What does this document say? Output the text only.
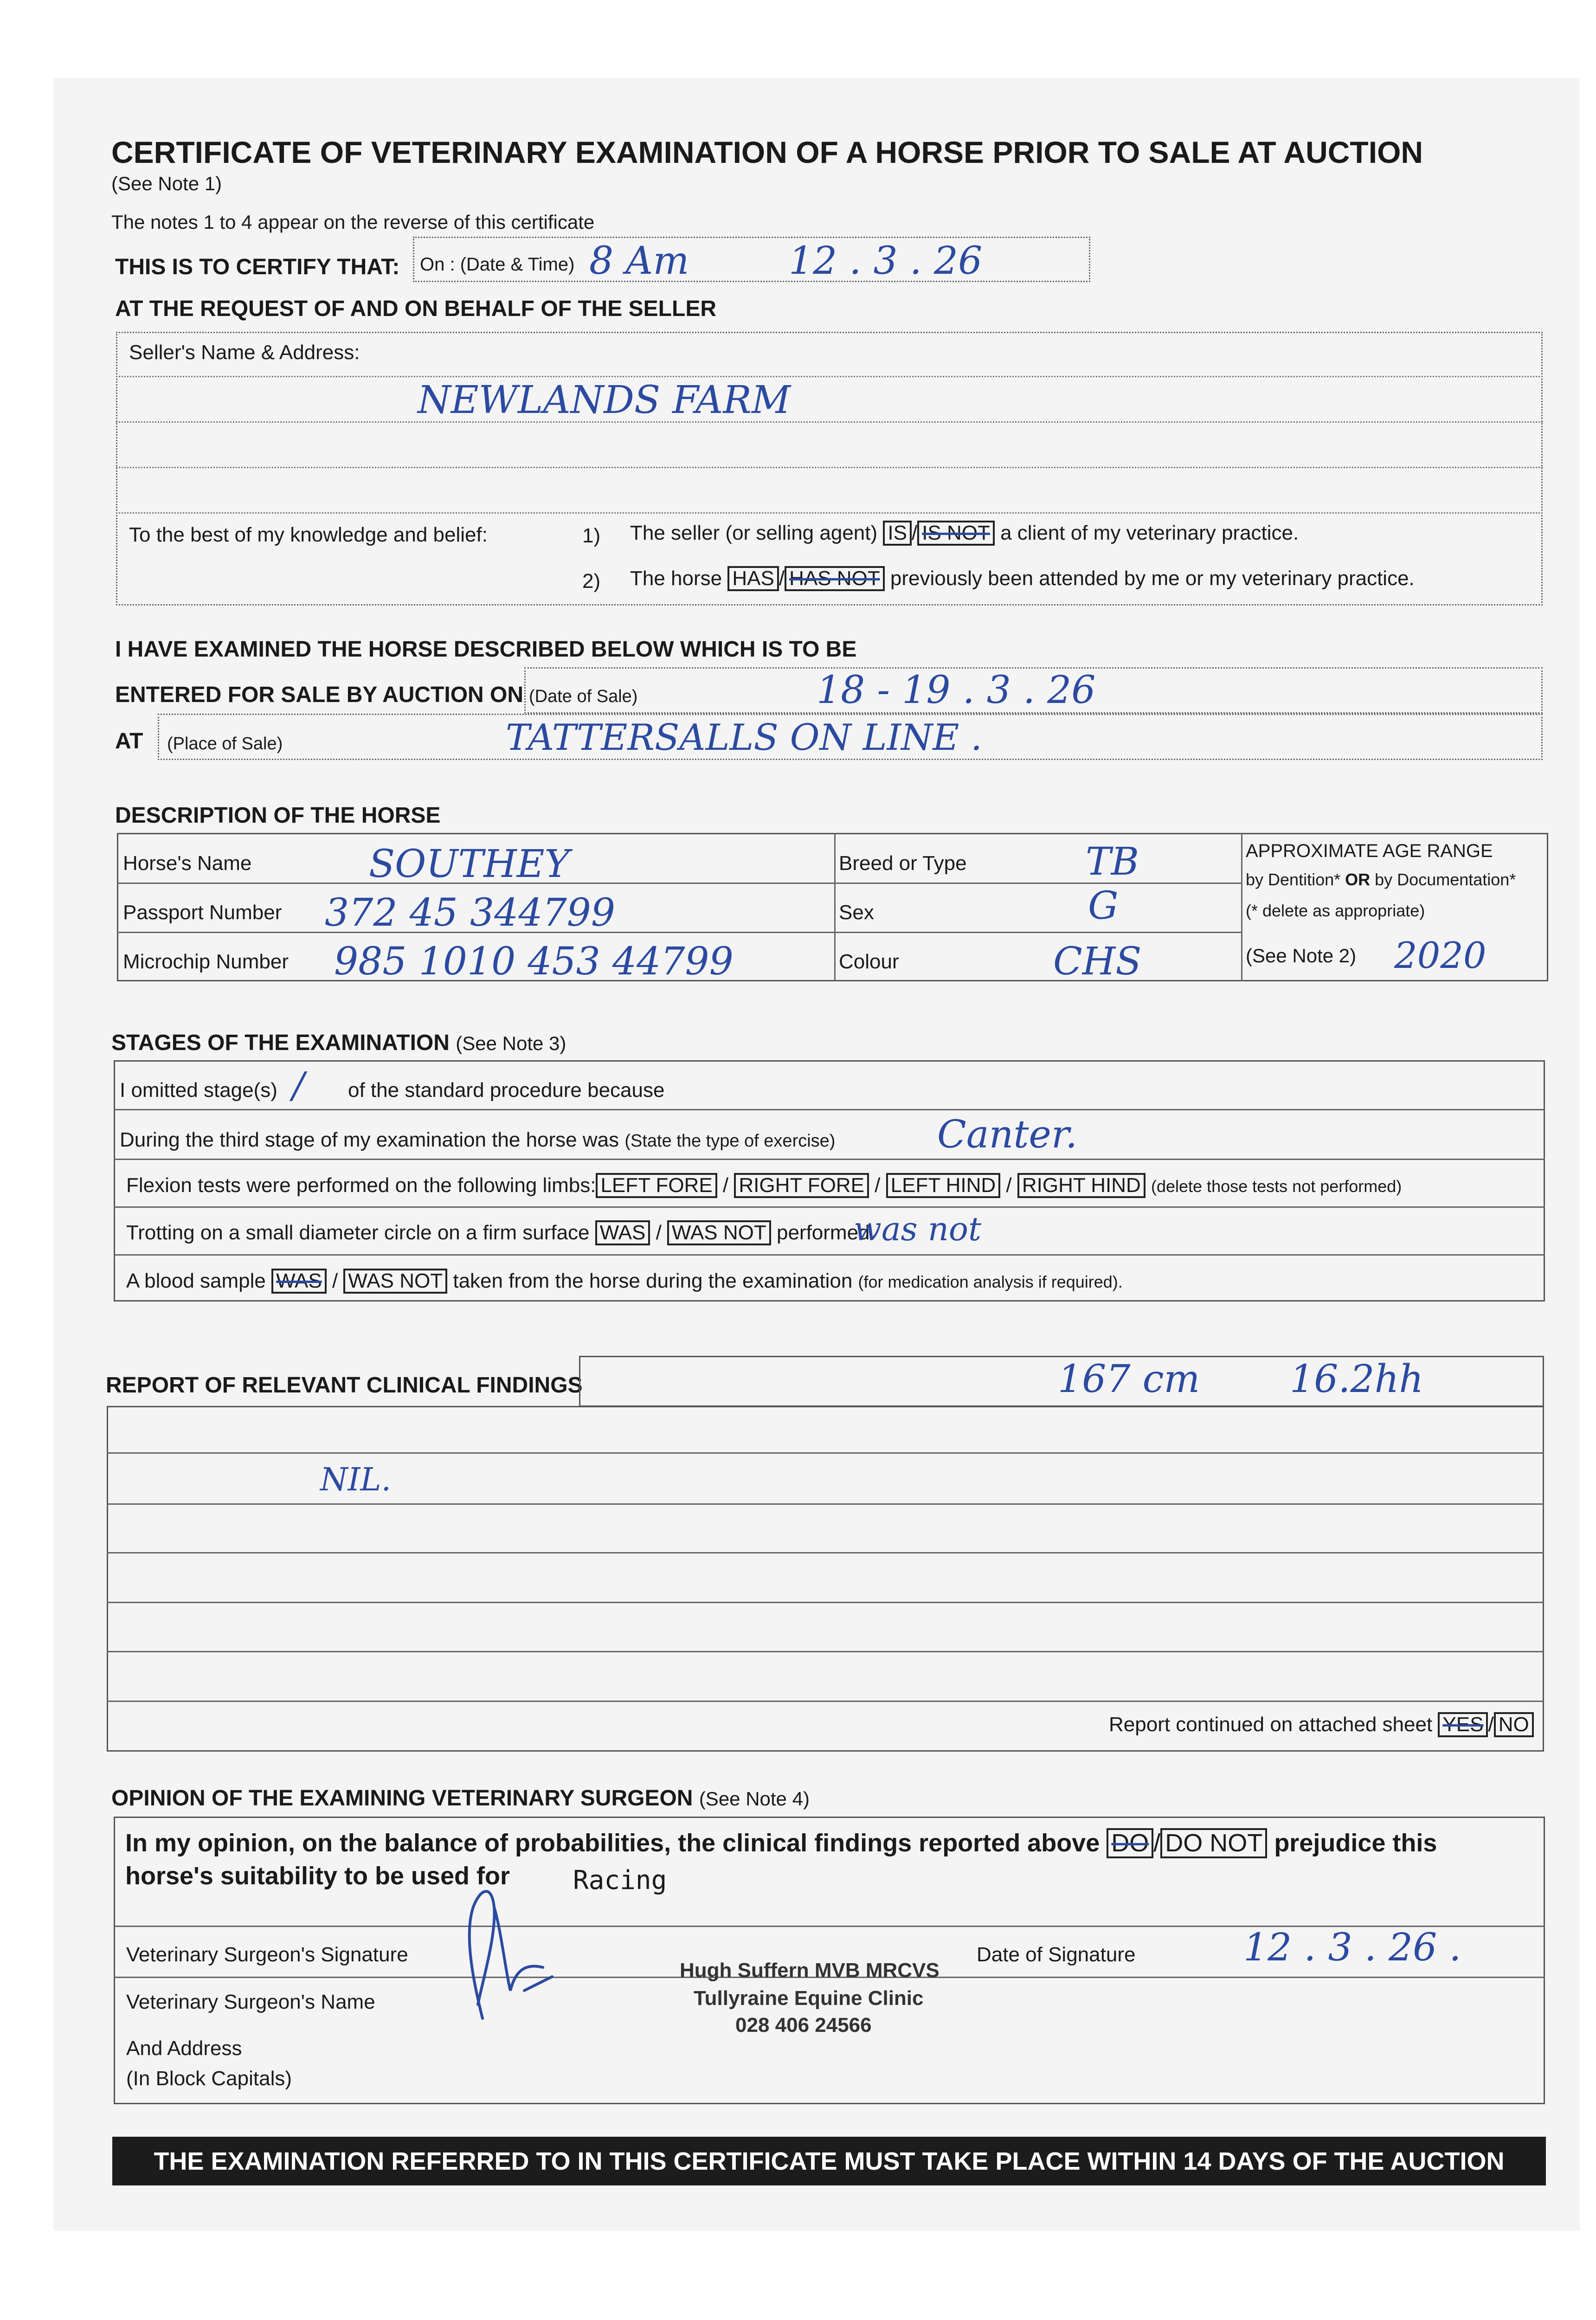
CERTIFICATE OF VETERINARY EXAMINATION OF A HORSE PRIOR TO SALE AT AUCTION
(See Note 1)
The notes 1 to 4 appear on the reverse of this certificate
THIS IS TO CERTIFY THAT: On : (Date & Time) 8 Am	12 . 3 . 26
AT THE REQUEST OF AND ON BEHALF OF THE SELLER
Seller's Name & Address:
NEWLANDS FARM
To the best of my knowledge and belief:	1) The seller (or selling agent) IS / IS NOT a client of my veterinary practice.
2) The horse HAS / HAS NOT previously been attended by me or my veterinary practice.
I HAVE EXAMINED THE HORSE DESCRIBED BELOW WHICH IS TO BE
ENTERED FOR SALE BY AUCTION ON (Date of Sale)	18 - 19 . 3 . 26
AT (Place of Sale)	TATTERSALLS ON LINE .
DESCRIPTION OF THE HORSE
Horse's Name	SOUTHEY
Passport Number 372 45 344799
Microchip Number 985 1010 453 44799
Breed or Type	TB
Sex	G
Colour	CHS
APPROXIMATE AGE RANGE
by Dentition* OR by Documentation*
(* delete as appropriate)
(See Note 2) 2020
STAGES OF THE EXAMINATION (See Note 3)
I omitted stage(s) / of the standard procedure because
During the third stage of my examination the horse was (State the type of exercise)	Canter.
Flexion tests were performed on the following limbs: LEFT FORE / RIGHT FORE / LEFT HIND / RIGHT HIND (delete those tests not performed)
Trotting on a small diameter circle on a firm surface WAS / WAS NOT performed
was not
A blood sample WAS / WAS NOT taken from the horse during the examination (for medication analysis if required).
REPORT OF RELEVANT CLINICAL FINDINGS	167 cm 16.2hh
NIL.
Report continued on attached sheet YES / NO
OPINION OF THE EXAMINING VETERINARY SURGEON (See Note 4)
In my opinion, on the balance of probabilities, the clinical findings reported above DO / DO NOT prejudice this
horse's suitability to be used for Racing
Veterinary Surgeon's Signature	Date of Signature	12 . 3 . 26 .
Veterinary Surgeon's Name
And Address
(In Block Capitals)
Hugh Suffern MVB MRCVS
Tullyraine Equine Clinic
028 406 24566
THE EXAMINATION REFERRED TO IN THIS CERTIFICATE MUST TAKE PLACE WITHIN 14 DAYS OF THE AUCTION
